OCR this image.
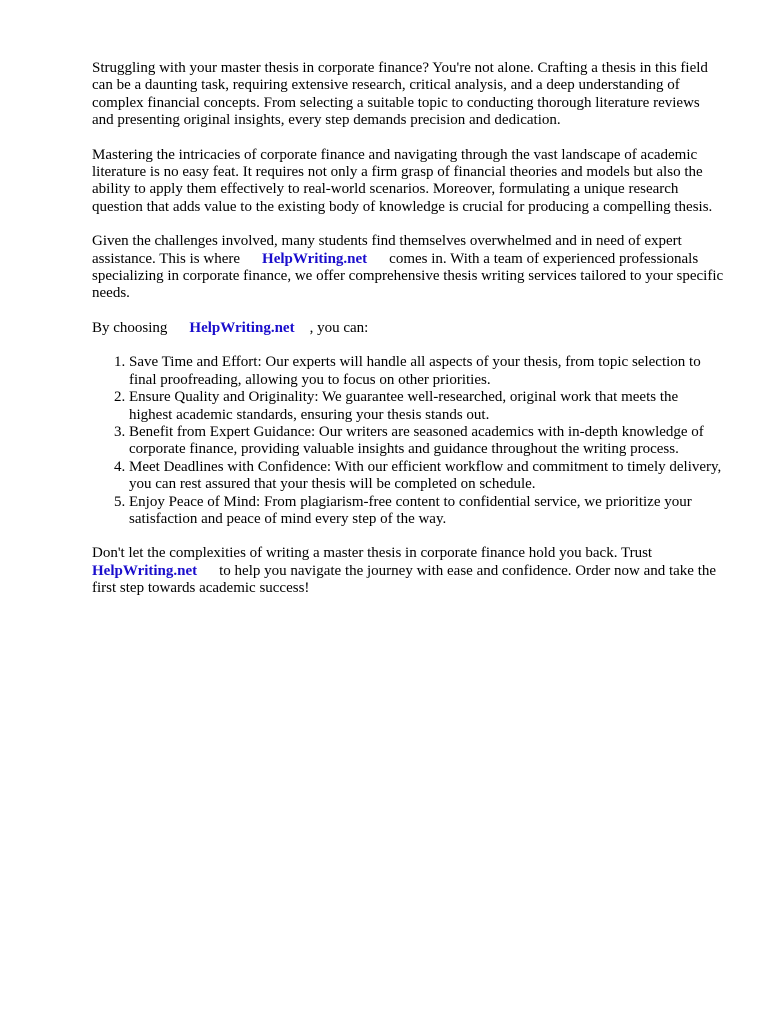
Struggling with your master thesis in corporate finance? You're not alone. Crafting a thesis in this field can be a daunting task, requiring extensive research, critical analysis, and a deep understanding of complex financial concepts. From selecting a suitable topic to conducting thorough literature reviews and presenting original insights, every step demands precision and dedication.

Mastering the intricacies of corporate finance and navigating through the vast landscape of academic literature is no easy feat. It requires not only a firm grasp of financial theories and models but also the ability to apply them effectively to real-world scenarios. Moreover, formulating a unique research question that adds value to the existing body of knowledge is crucial for producing a compelling thesis.

Given the challenges involved, many students find themselves overwhelmed and in need of expert assistance. This is where HelpWriting.net comes in. With a team of experienced professionals specializing in corporate finance, we offer comprehensive thesis writing services tailored to your specific needs.

By choosing HelpWriting.net , you can:

1. Save Time and Effort: Our experts will handle all aspects of your thesis, from topic selection to final proofreading, allowing you to focus on other priorities.
2. Ensure Quality and Originality: We guarantee well-researched, original work that meets the highest academic standards, ensuring your thesis stands out.
3. Benefit from Expert Guidance: Our writers are seasoned academics with in-depth knowledge of corporate finance, providing valuable insights and guidance throughout the writing process.
4. Meet Deadlines with Confidence: With our efficient workflow and commitment to timely delivery, you can rest assured that your thesis will be completed on schedule.
5. Enjoy Peace of Mind: From plagiarism-free content to confidential service, we prioritize your satisfaction and peace of mind every step of the way.

Don't let the complexities of writing a master thesis in corporate finance hold you back. Trust HelpWriting.net to help you navigate the journey with ease and confidence. Order now and take the first step towards academic success!
